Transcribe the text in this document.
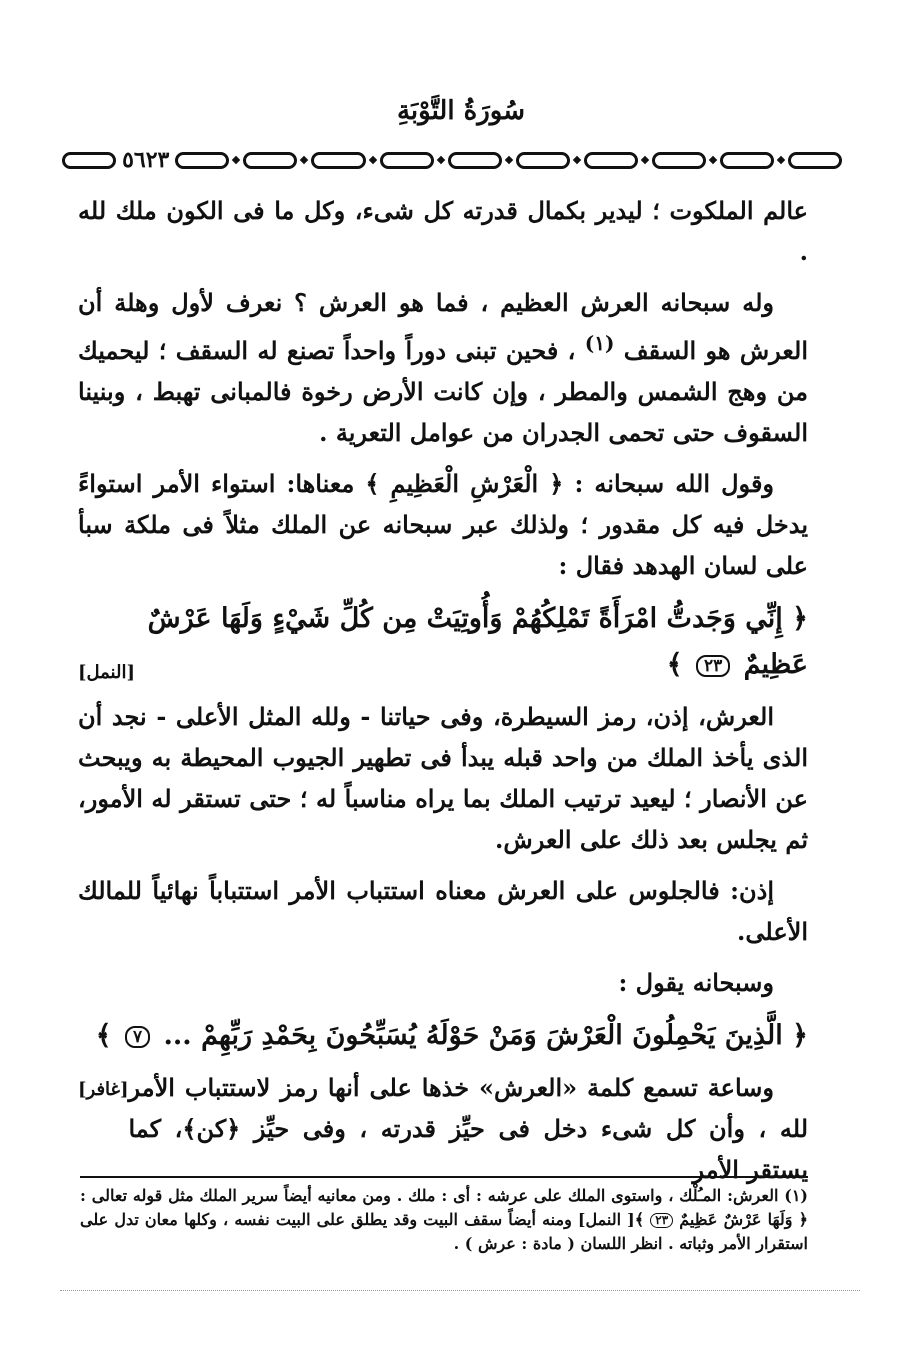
سُورَةُ التَّوْبَةِ
٥٦٢٣

عالم الملكوت ؛ ليدير بكمال قدرته كل شىء، وكل ما فى الكون ملك لله .

وله سبحانه العرش العظيم ، فما هو العرش ؟ نعرف لأول وهلة أن العرش هو السقف $^{(١)}$ ، فحين تبنى دوراً واحداً تصنع له السقف ؛ ليحميك من وهج الشمس والمطر ، وإن كانت الأرض رخوة فالمبانى تهبط ، وبنينا السقوف حتى تحمى الجدران من عوامل التعرية .

وقول الله سبحانه : ﴿ الْعَرْشِ الْعَظِيمِ ﴾ معناها: استواء الأمر استواءً يدخل فيه كل مقدور ؛ ولذلك عبر سبحانه عن الملك مثلاً فى ملكة سبأ على لسان الهدهد فقال :

﴿ إِنِّي وَجَدتُّ امْرَأَةً تَمْلِكُهُمْ وَأُوتِيَتْ مِن كُلِّ شَيْءٍ وَلَهَا عَرْشٌ
عَظِيمٌ ٢٣ ﴾
[النمل]

العرش، إذن، رمز السيطرة، وفى حياتنا - ولله المثل الأعلى - نجد أن الذى يأخذ الملك من واحد قبله يبدأ فى تطهير الجيوب المحيطة به ويبحث عن الأنصار ؛ ليعيد ترتيب الملك بما يراه مناسباً له ؛ حتى تستقر له الأمور، ثم يجلس بعد ذلك على العرش.

إذن: فالجلوس على العرش معناه استتباب الأمر استتباباً نهائياً للمالك الأعلى.

وسبحانه يقول :

﴿ الَّذِينَ يَحْمِلُونَ الْعَرْشَ وَمَنْ حَوْلَهُ يُسَبِّحُونَ بِحَمْدِ رَبِّهِمْ ... ٧ ﴾
[غافر] وساعة تسمع كلمة «العرش» خذها على أنها رمز لاستتباب الأمر لله ، وأن كل شىء دخل فى حيِّز قدرته ، وفى حيِّز ﴿كن﴾، كما يستقر الأمر

(١) العرش: المـُلْك ، واستوى الملك على عرشه : أى : ملك . ومن معانيه أيضاً سرير الملك مثل قوله تعالى : ﴿ وَلَهَا عَرْشٌ عَظِيمٌ ٢٣ ﴾[ النمل] ومنه أيضاً سقف البيت وقد يطلق على البيت نفسه ، وكلها معان تدل على استقرار الأمر وثباته . انظر اللسان ( مادة : عرش ) .
